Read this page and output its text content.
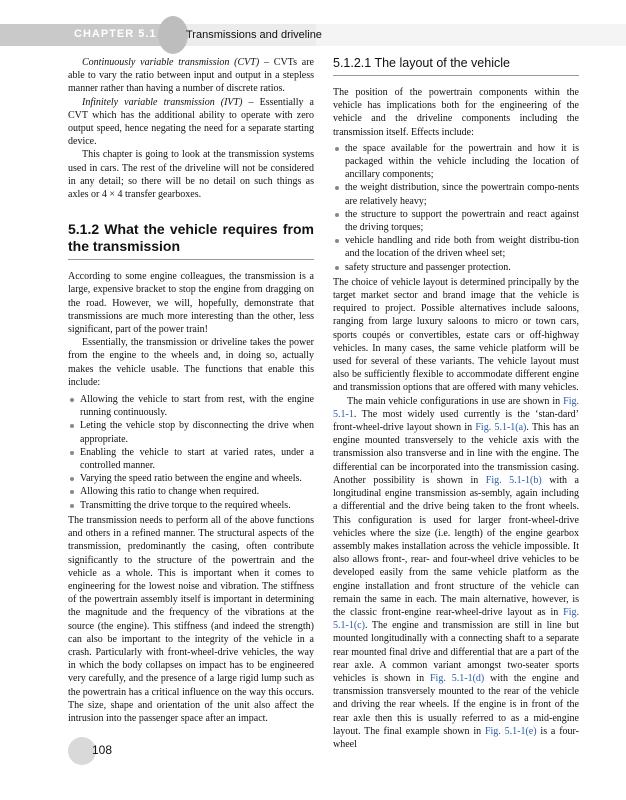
CHAPTER 5.1	Transmissions and driveline

Continuously variable transmission (CVT) – CVTs are able to vary the ratio between input and output in a stepless manner rather than having a number of discrete ratios.

Infinitely variable transmission (IVT) – Essentially a CVT which has the additional ability to operate with zero output speed, hence negating the need for a separate starting device.

This chapter is going to look at the transmission systems used in cars. The rest of the driveline will not be considered in any detail; so there will be no detail on such things as axles or 4 × 4 transfer gearboxes.

5.1.2 What the vehicle requires from the transmission

According to some engine colleagues, the transmission is a large, expensive bracket to stop the engine from dragging on the road. However, we will, hopefully, demonstrate that transmissions are much more interesting than the other, less significant, part of the power train!

Essentially, the transmission or driveline takes the power from the engine to the wheels and, in doing so, actually makes the vehicle usable. The functions that enable this include:

Allowing the vehicle to start from rest, with the engine running continuously.
Leting the vehicle stop by disconnecting the drive when appropriate.
Enabling the vehicle to start at varied rates, under a controlled manner.
Varying the speed ratio between the engine and wheels.
Allowing this ratio to change when required.
Transmitting the drive torque to the required wheels.

The transmission needs to perform all of the above functions and others in a refined manner. The structural aspects of the transmission, predominantly the casing, often contribute significantly to the structure of the powertrain and the vehicle as a whole. This is important when it comes to engineering for the lowest noise and vibration. The stiffness of the powertrain assembly itself is important in determining the magnitude and the frequency of the vibrations at the source (the engine). This stiffness (and indeed the strength) can also be important to the integrity of the vehicle in a crash. Particularly with front-wheel-drive vehicles, the way in which the body collapses on impact has to be engineered very carefully, and the presence of a large rigid lump such as the powertrain has a critical influence on the way this occurs. The size, shape and orientation of the unit also affect the intrusion into the passenger space after an impact.

5.1.2.1 The layout of the vehicle

The position of the powertrain components within the vehicle has implications both for the engineering of the vehicle and the driveline components including the transmission itself. Effects include:

the space available for the powertrain and how it is packaged within the vehicle including the location of ancillary components;
the weight distribution, since the powertrain compo-nents are relatively heavy;
the structure to support the powertrain and react against the driving torques;
vehicle handling and ride both from weight distribu-tion and the location of the driven wheel set;
safety structure and passenger protection.

The choice of vehicle layout is determined principally by the target market sector and brand image that the vehicle is required to project. Possible alternatives include saloons, ranging from large luxury saloons to micro or town cars, sports coupés or convertibles, estate cars or off-highway vehicles. In many cases, the same vehicle platform will be used for several of these variants. The vehicle layout must also be sufficiently flexible to accommodate different engine and transmission options that are offered with many vehicles.

The main vehicle configurations in use are shown in Fig. 5.1-1. The most widely used currently is the ‘stan-dard’ front-wheel-drive layout shown in Fig. 5.1-1(a). This has an engine mounted transversely to the vehicle axis with the transmission also transverse and in line with the engine. The differential can be incorporated into the transmission casing. Another possibility is shown in Fig. 5.1-1(b) with a longitudinal engine transmission as-sembly, again including a differential and the drive being taken to the front wheels. This configuration is used for larger front-wheel-drive vehicles where the size (i.e. length) of the engine gearbox assembly makes installation across the vehicle impossible. It also allows front-, rear- and four-wheel drive vehicles to be developed easily from the same vehicle platform as the engine installation and front structure of the vehicle can remain the same in each. The main alternative, however, is the classic front-engine rear-wheel-drive layout as in Fig. 5.1-1(c). The engine and transmission are still in line but mounted longitudinally with a connecting shaft to a separate rear mounted final drive and differential that are a part of the rear axle. A common variant amongst two-seater sports vehicles is shown in Fig. 5.1-1(d) with the engine and transmission transversely mounted to the rear of the vehicle and driving the rear wheels. If the engine is in front of the rear axle then this is usually referred to as a mid-engine layout. The final example shown in Fig. 5.1-1(e) is a four-wheel

108
